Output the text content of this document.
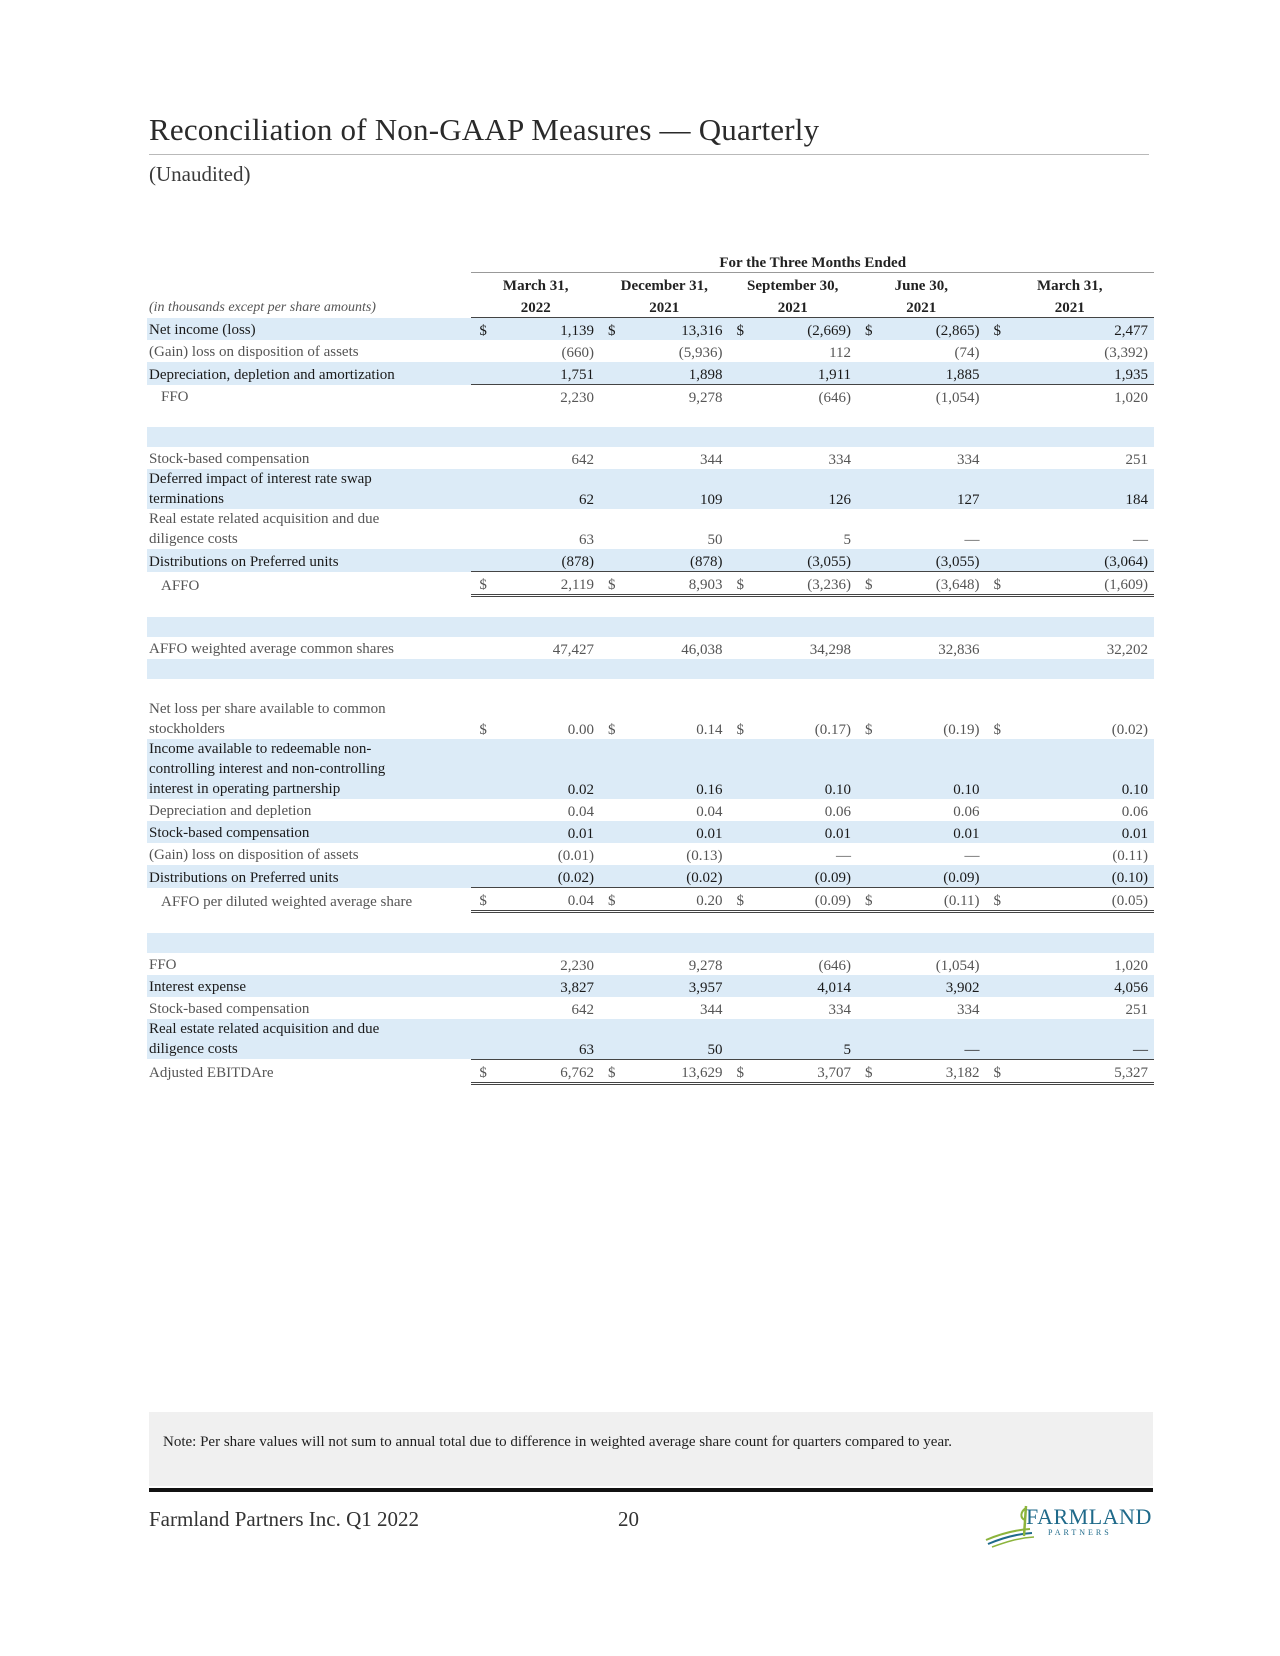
Reconciliation of Non-GAAP Measures — Quarterly
(Unaudited)
	For the Three Months Ended									
	March 31,		December 31,		September 30,		June 30,		March 31,	
(in thousands except per share amounts)	2022		2021		2021		2021		2021	
Net income (loss)	$	1,139	$	13,316	$	(2,669)	$	(2,865)	$	2,477
(Gain) loss on disposition of assets		(660)		(5,936)		112		(74)		(3,392)
Depreciation, depletion and amortization		1,751		1,898		1,911		1,885		1,935
FFO		2,230		9,278		(646)		(1,054)		1,020

Stock-based compensation		642		344		334		334		251
Deferred impact of interest rate swap
terminations		62		109		126		127		184
Real estate related acquisition and due
diligence costs		63		50		5		—		—
Distributions on Preferred units		(878)		(878)		(3,055)		(3,055)		(3,064)
AFFO	$	2,119	$	8,903	$	(3,236)	$	(3,648)	$	(1,609)

AFFO weighted average common shares		47,427		46,038		34,298		32,836		32,202

Net loss per share available to common
stockholders	$	0.00	$	0.14	$	(0.17)	$	(0.19)	$	(0.02)
Income available to redeemable non-
controlling interest and non-controlling
interest in operating partnership		0.02		0.16		0.10		0.10		0.10
Depreciation and depletion		0.04		0.04		0.06		0.06		0.06
Stock-based compensation		0.01		0.01		0.01		0.01		0.01
(Gain) loss on disposition of assets		(0.01)		(0.13)		—		—		(0.11)
Distributions on Preferred units		(0.02)		(0.02)		(0.09)		(0.09)		(0.10)
AFFO per diluted weighted average share	$	0.04	$	0.20	$	(0.09)	$	(0.11)	$	(0.05)

FFO		2,230		9,278		(646)		(1,054)		1,020
Interest expense		3,827		3,957		4,014		3,902		4,056
Stock-based compensation		642		344		334		334		251
Real estate related acquisition and due
diligence costs		63		50		5		—		—
Adjusted EBITDAre	$	6,762	$	13,629	$	3,707	$	3,182	$	5,327
Note: Per share values will not sum to annual total due to difference in weighted average share count for quarters compared to year.
Farmland Partners Inc. Q1 2022	20	FARMLAND
PARTNERS
